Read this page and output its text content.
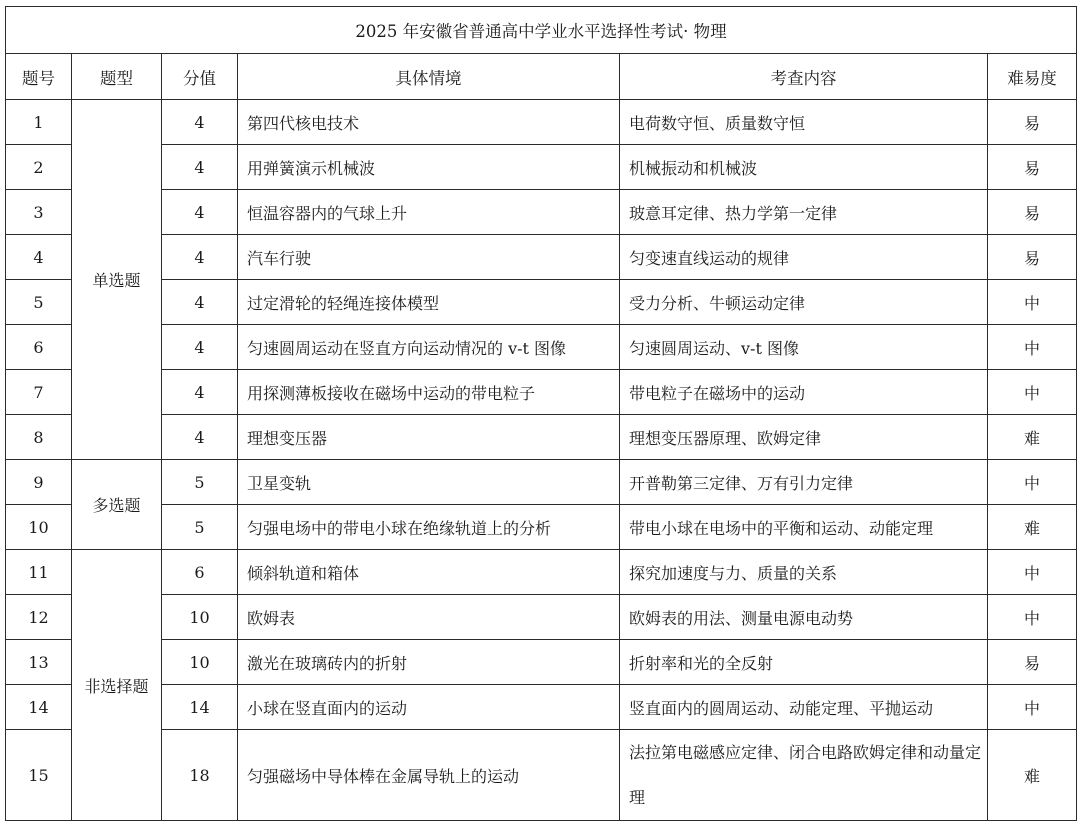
2025 年安徽省普通高中学业水平选择性考试· 物理					
题号	题型	分值	具体情境	考查内容	难易度
1	单选题	4	第四代核电技术	电荷数守恒、质量数守恒	易
2		4	用弹簧演示机械波	机械振动和机械波	易
3		4	恒温容器内的气球上升	玻意耳定律、热力学第一定律	易
4		4	汽车行驶	匀变速直线运动的规律	易
5		4	过定滑轮的轻绳连接体模型	受力分析、牛顿运动定律	中
6		4	匀速圆周运动在竖直方向运动情况的 v-t 图像	匀速圆周运动、v-t 图像	中
7		4	用探测薄板接收在磁场中运动的带电粒子	带电粒子在磁场中的运动	中
8		4	理想变压器	理想变压器原理、欧姆定律	难
9	多选题	5	卫星变轨	开普勒第三定律、万有引力定律	中
10		5	匀强电场中的带电小球在绝缘轨道上的分析	带电小球在电场中的平衡和运动、动能定理	难
11	非选择题	6	倾斜轨道和箱体	探究加速度与力、质量的关系	中
12		10	欧姆表	欧姆表的用法、测量电源电动势	中
13		10	激光在玻璃砖内的折射	折射率和光的全反射	易
14		14	小球在竖直面内的运动	竖直面内的圆周运动、动能定理、平抛运动	中
15		18	匀强磁场中导体棒在金属导轨上的运动	法拉第电磁感应定律、闭合电路欧姆定律和动量定理	难
